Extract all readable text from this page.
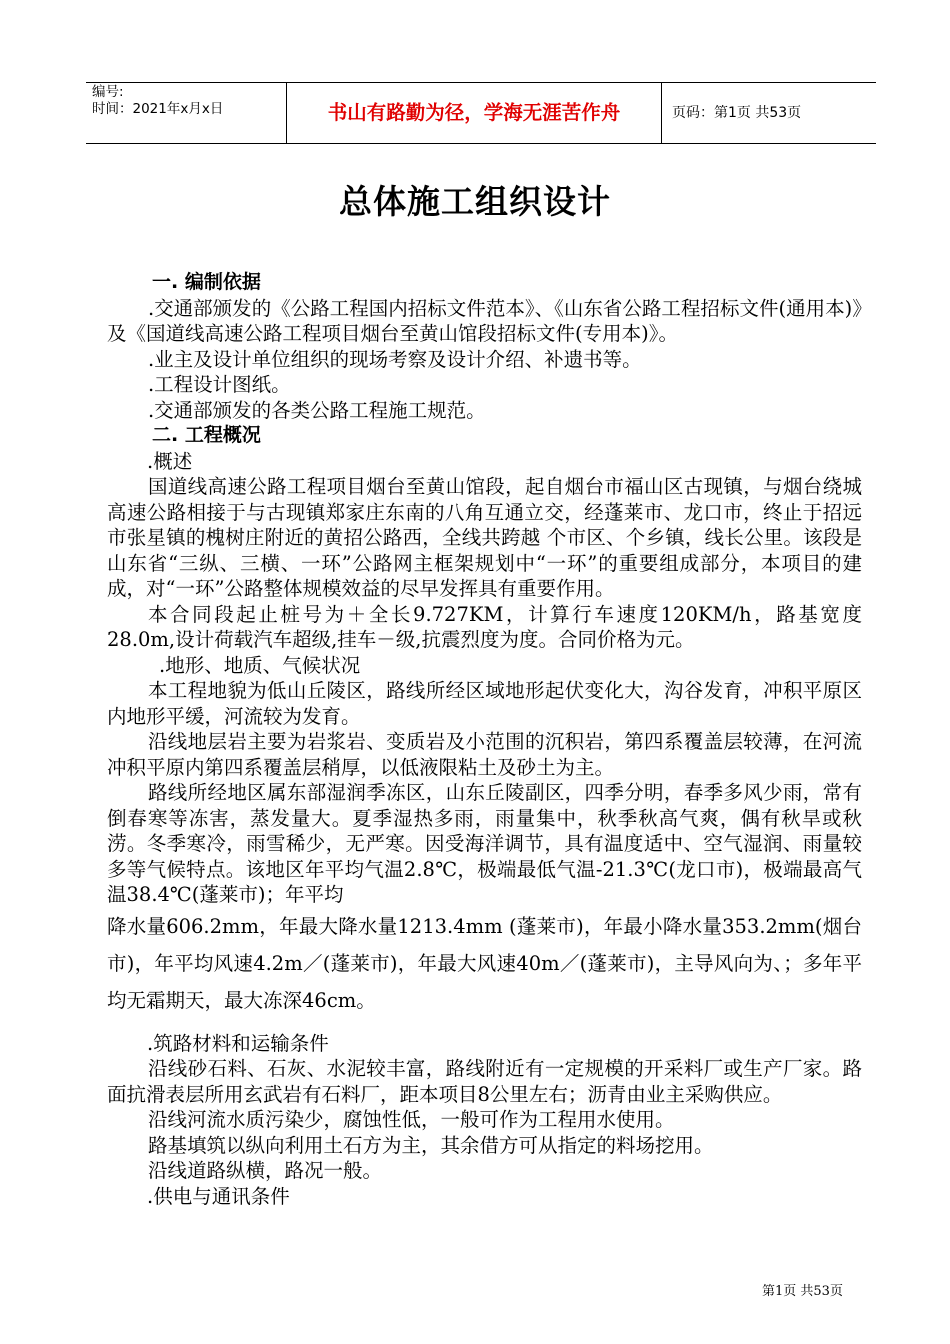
编号:
时间：2021年x月x日	书山有路勤为径，学海无涯苦作舟	页码：第1页 共53页
总体施工组织设计

一. 编制依据

.交通部颁发的《公路工程国内招标文件范本》、《山东省公路工程招标文件(通用本)》及《国道线高速公路工程项目烟台至黄山馆段招标文件(专用本)》。

.业主及设计单位组织的现场考察及设计介绍、补遗书等。

.工程设计图纸。

.交通部颁发的各类公路工程施工规范。

二. 工程概况

.概述

国道线高速公路工程项目烟台至黄山馆段，起自烟台市福山区古现镇，与烟台绕城高速公路相接于与古现镇郑家庄东南的八角互通立交，经蓬莱市、龙口市，终止于招远市张星镇的槐树庄附近的黄招公路西，全线共跨越 个市区、个乡镇，线长公里。该段是山东省“三纵、三横、一环”公路网主框架规划中“一环”的重要组成部分，本项目的建成，对“一环”公路整体规模效益的尽早发挥具有重要作用。

本合同段起止桩号为＋全长9.727KM，计算行车速度120KM/h，路基宽度28.0m,设计荷载汽车超级,挂车－级,抗震烈度为度。合同价格为元。

.地形、地质、气候状况

本工程地貌为低山丘陵区，路线所经区域地形起伏变化大，沟谷发育，冲积平原区内地形平缓，河流较为发育。

沿线地层岩主要为岩浆岩、变质岩及小范围的沉积岩，第四系覆盖层较薄，在河流冲积平原内第四系覆盖层稍厚，以低液限粘土及砂土为主。

路线所经地区属东部湿润季冻区，山东丘陵副区，四季分明，春季多风少雨，常有倒春寒等冻害，蒸发量大。夏季湿热多雨，雨量集中，秋季秋高气爽，偶有秋旱或秋涝。冬季寒冷，雨雪稀少，无严寒。因受海洋调节，具有温度适中、空气湿润、雨量较多等气候特点。该地区年平均气温2.8℃，极端最低气温-21.3℃(龙口市)，极端最高气温38.4℃(蓬莱市)；年平均

降水量606.2mm，年最大降水量1213.4mm (蓬莱市)，年最小降水量353.2mm(烟台市)，年平均风速4.2m／(蓬莱市)，年最大风速40m／(蓬莱市)，主导风向为、；多年平均无霜期天，最大冻深46cm。

.筑路材料和运输条件

沿线砂石料、石灰、水泥较丰富，路线附近有一定规模的开采料厂或生产厂家。路面抗滑表层所用玄武岩有石料厂，距本项目8公里左右；沥青由业主采购供应。

沿线河流水质污染少，腐蚀性低，一般可作为工程用水使用。

路基填筑以纵向利用土石方为主，其余借方可从指定的料场挖用。

沿线道路纵横，路况一般。

.供电与通讯条件

第1页 共53页
